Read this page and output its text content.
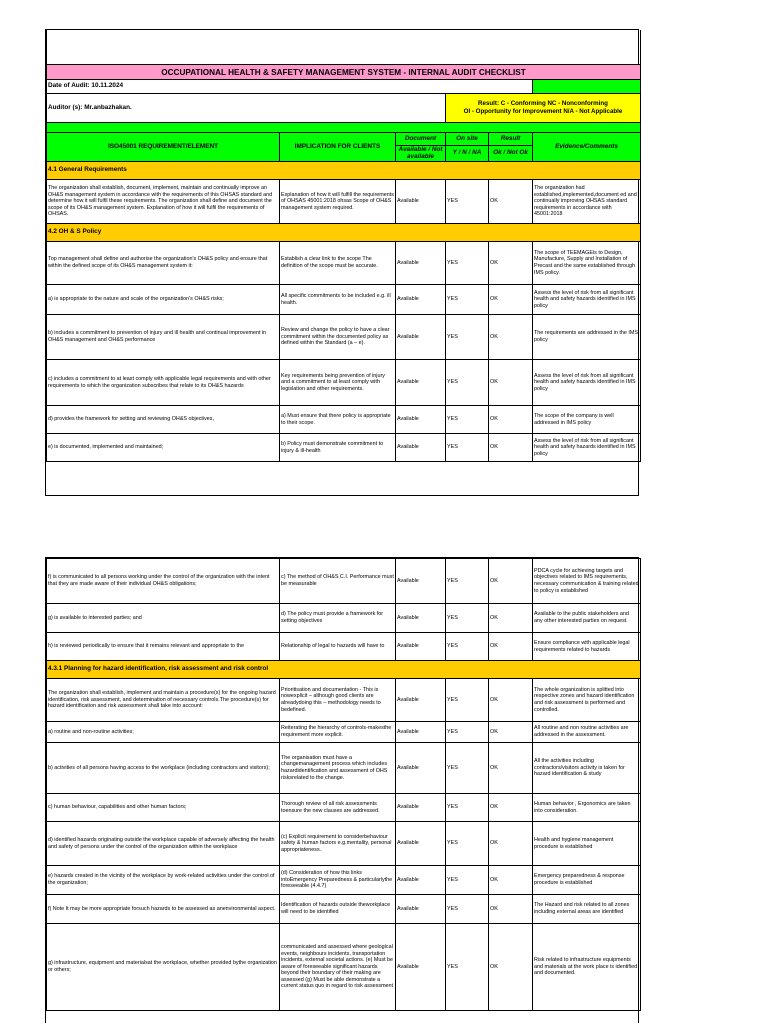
OCCUPATIONAL HEALTH & SAFETY MANAGEMENT SYSTEM - INTERNAL AUDIT CHECKLIST					
Date of Audit: 10.11.2024					
Auditor (s): Mr.anbazhakan.			Result: C - Conforming NC - Nonconforming
OI - Opportunity for Improvement N/A - Not Applicable		

ISO45001 REQUIREMENT/ELEMENT	IMPLICATION FOR CLIENTS	Document	On site	Result	Evidence/Comments
		Available / Not available	Y / N / NA	Ok / Not Ok	
4.1 General Requirements					
The organization shall establish, document, implement, maintain and continually improve an OH&S management system in accordance with the requirements of this OHSAS standard and determine how it will fulfil these requirements. The organization shall define and document the scope of its OH&S management system. Explanation of how it will fulfil the requirements of OHSAS.	Explanation of how it will fulfill the requirements of OHSAS 45001:2018 ohsas Scope of OH&S management system required.	Available	YES	OK	The organization had established,implemented,document ed and continually improving OHSAS standard requirements in accordance with 45001:2018
4.2 OH & S Policy					
Top management shall define and authorise the organization's OH&S policy and ensure that within the defined scope of its OH&S management system it:	Establish a clear link to the scope The definition of the scope must be accurate.	Available	YES	OK	The scope of TEEMAGEis to Design, Manufacture, Supply and Installation of Precast and the same established through IMS policy.
a) is appropriate to the nature and scale of the organization's OH&S risks;	All specific commitments to be included e.g. ill health.	Available	YES	OK	Assess the level of risk from all significant health and safety hazards identified in IMS policy
b) includes a commitment to prevention of injury and ill health and continual improvement in OH&S management and OH&S performance	Review and change the policy to have a clear commitment within the documented policy as defined within the Standard (a – e).	Available	YES	OK	The requirements are addressed in the IMS policy
c) includes a commitment to at least comply with applicable legal requirements and with other requirements to which the organization subscribes that relate to its OH&S hazards	Key requirements being prevention of injury and a commitment to at least comply with legislation and other requirements.	Available	YES	OK	Assess the level of risk from all significant health and safety hazards identified in IMS policy
d) provides the framework for setting and reviewing OH&S objectives,	a) Must ensure that there policy is appropriate to their scope.	Available	YES	OK	The scope of the company is well addressed in IMS policy
e) is documented, implemented and maintained;	b) Policy must demonstrate commitment to injury & ill-health	Available	YES	OK	Assess the level of risk from all significant health and safety hazards identified in IMS policy
f) is communicated to all persons working under the control of the organization with the intent that they are made aware of their individual OH&S obligations;	c) The method of OH&S C.I. Performance must be measurable	Available	YES	OK	PDCA cycle for achieving targets and objectives related to IMS requirements, necessary communication & training related to policy is established
g) is available to interested parties; and	d) The policy must provide a framework for setting objectives	Available	YES	OK	Available to the public stakeholders and any other interested parties on request.
h) is reviewed periodically to ensure that it remains relevant and appropriate to the	Relationship of legal to hazards will have to	Available	YES	OK	Ensure compliance with applicable legal requirements related to hazards
4.3.1 Planning for hazard identification, risk assessment and risk control					
The organization shall establish, implement and maintain a procedure(s) for the ongoing hazard identification, risk assessment, and determination of necessary controls.The procedure(s) for hazard identification and risk assessment shall take into account:	Prioritisation and documentation - This is nowexplicit – although good clients are alreadydoing this – methodology needs to bedefined.	Available	YES	OK	The whole organization is splitted into respective zones and hazard identification and risk assessment is performed and controlled.
a) routine and non-routine activities;	Reiterating the hierarchy of controls-makesthe requirement more explicit.	Available	YES	OK	All routine and non routine activities are addressed in the assessment.
b) activities of all persons having access to the workplace (including contractors and visitors);	The organisation must have a changemanagement process which includes hazardidentification and assessment of OHS risksrelated to the change.	Available	YES	OK	All the activities including contractors/visitors activity is taken for hazard identification & study
c) human behaviour, capabilities and other human factors;	Thorough review of all risk assessments toensure the new clauses are addressed.	Available	YES	OK	Human behavior , Ergonomics are taken into consideration.
d) identified hazards originating outside the workplace capable of adversely affecting the health and safety of persons under the control of the organization within the workplace	(c) Explicit requirement to considerbehaviour safety & human factors e.g.mentality, personal appropriateness.	Available	YES	OK	Health and hygiene management procedure is established
e) hazards created in the vicinity of the workplace by work-related activities under the control of the organization;	(d) Consideration of how this links intoEmergency Preparedness & particularlythe foreseeable (4.4.7)	Available	YES	OK	Emergency preparedness & response procedure is established
f) Note It may be more appropriate forsuch hazards to be assessed as anenvironmental aspect.	Identification of hazards outside theworkplace will need to be identified	Available	YES	OK	The Hazard and risk related to all zones including external areas are identified
g) infrastructure, equipment and materialsat the workplace, whether provided bythe organization or others;	communicated and assessed where geological events, neighbours incidents, transportation incidents, external societal actions. (e) Must be aware of foreseeable significant hazards beyond their boundary of their making are assessed (g) Must be able demonstrate a current status quo in regard to risk assessment	Available	YES	OK	Risk related to infrastructure equipments and materials at the work place is identified and documented.
